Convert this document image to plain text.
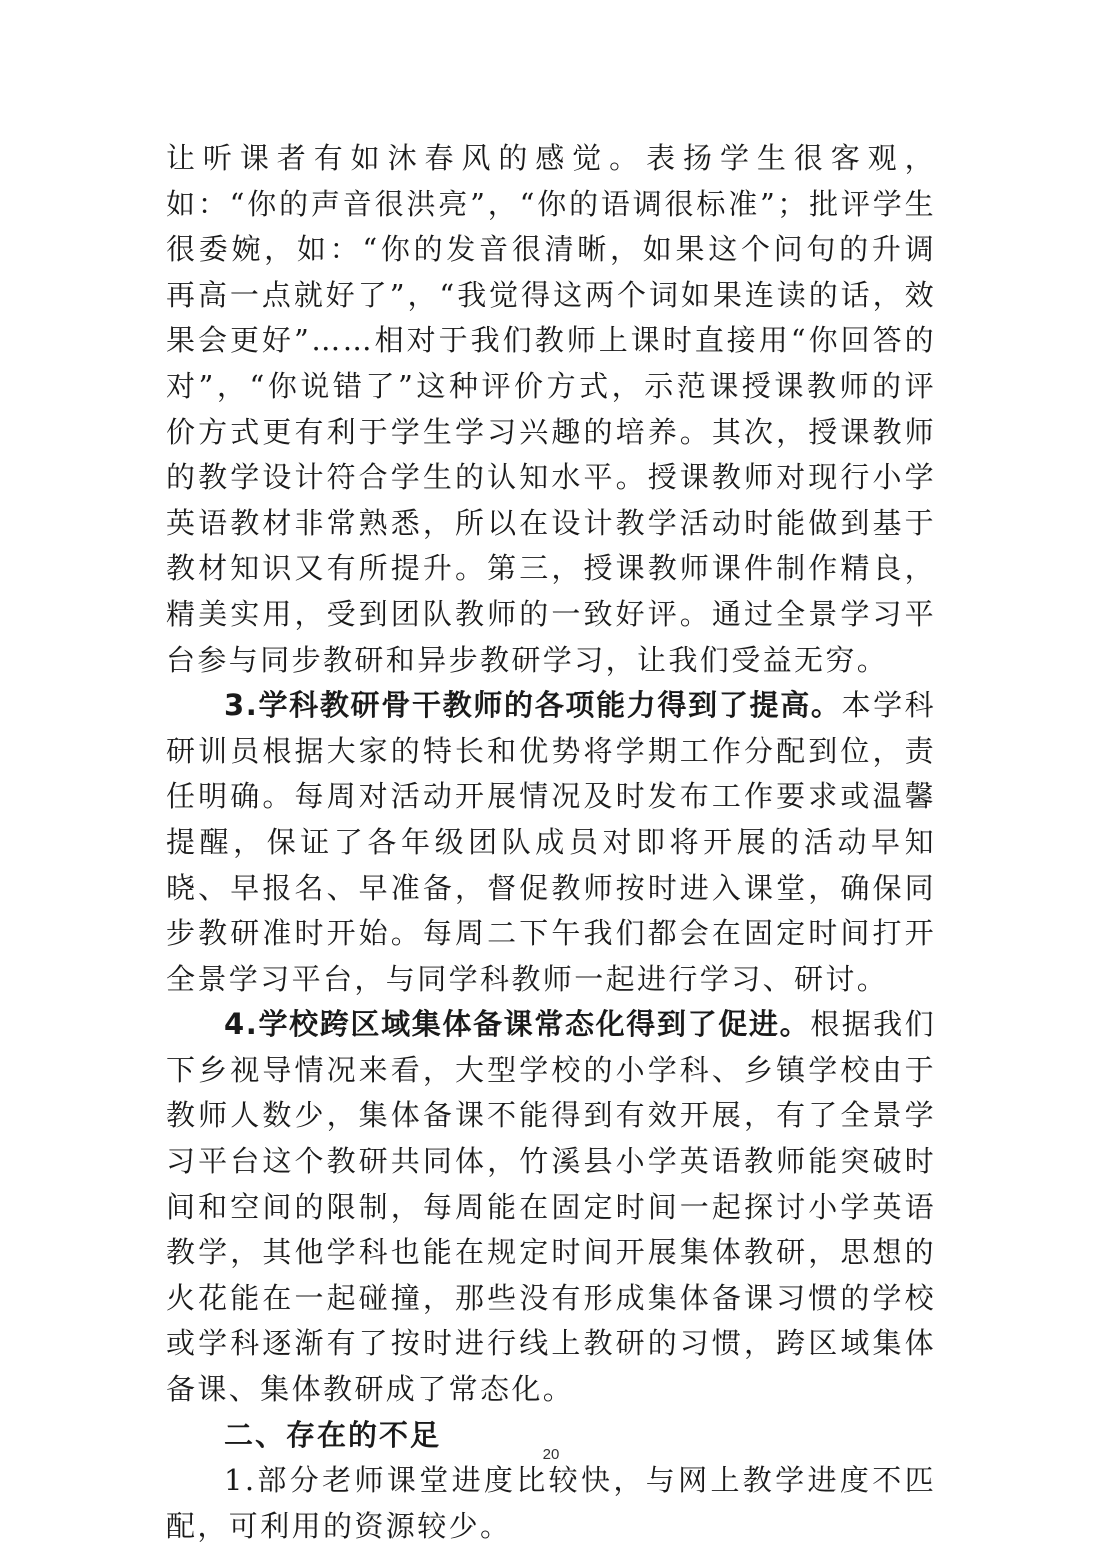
让听课者有如沐春风的感觉。表扬学生很客观，如：“你的声音很洪亮”，“你的语调很标准”；批评学生很委婉，如：“你的发音很清晰，如果这个问句的升调再高一点就好了”，“我觉得这两个词如果连读的话，效果会更好”……相对于我们教师上课时直接用“你回答的对”，“你说错了”这种评价方式，示范课授课教师的评价方式更有利于学生学习兴趣的培养。其次，授课教师的教学设计符合学生的认知水平。授课教师对现行小学英语教材非常熟悉，所以在设计教学活动时能做到基于教材知识又有所提升。第三，授课教师课件制作精良，精美实用，受到团队教师的一致好评。通过全景学习平台参与同步教研和异步教研学习，让我们受益无穷。

3.学科教研骨干教师的各项能力得到了提高。本学科研训员根据大家的特长和优势将学期工作分配到位，责任明确。每周对活动开展情况及时发布工作要求或温馨提醒，保证了各年级团队成员对即将开展的活动早知晓、早报名、早准备，督促教师按时进入课堂，确保同步教研准时开始。每周二下午我们都会在固定时间打开全景学习平台，与同学科教师一起进行学习、研讨。

4.学校跨区域集体备课常态化得到了促进。根据我们下乡视导情况来看，大型学校的小学科、乡镇学校由于教师人数少，集体备课不能得到有效开展，有了全景学习平台这个教研共同体，竹溪县小学英语教师能突破时间和空间的限制，每周能在固定时间一起探讨小学英语教学，其他学科也能在规定时间开展集体教研，思想的火花能在一起碰撞，那些没有形成集体备课习惯的学校或学科逐渐有了按时进行线上教研的习惯，跨区域集体备课、集体教研成了常态化。

二、存在的不足

1.部分老师课堂进度比较快，与网上教学进度不匹配，可利用的资源较少。

20
